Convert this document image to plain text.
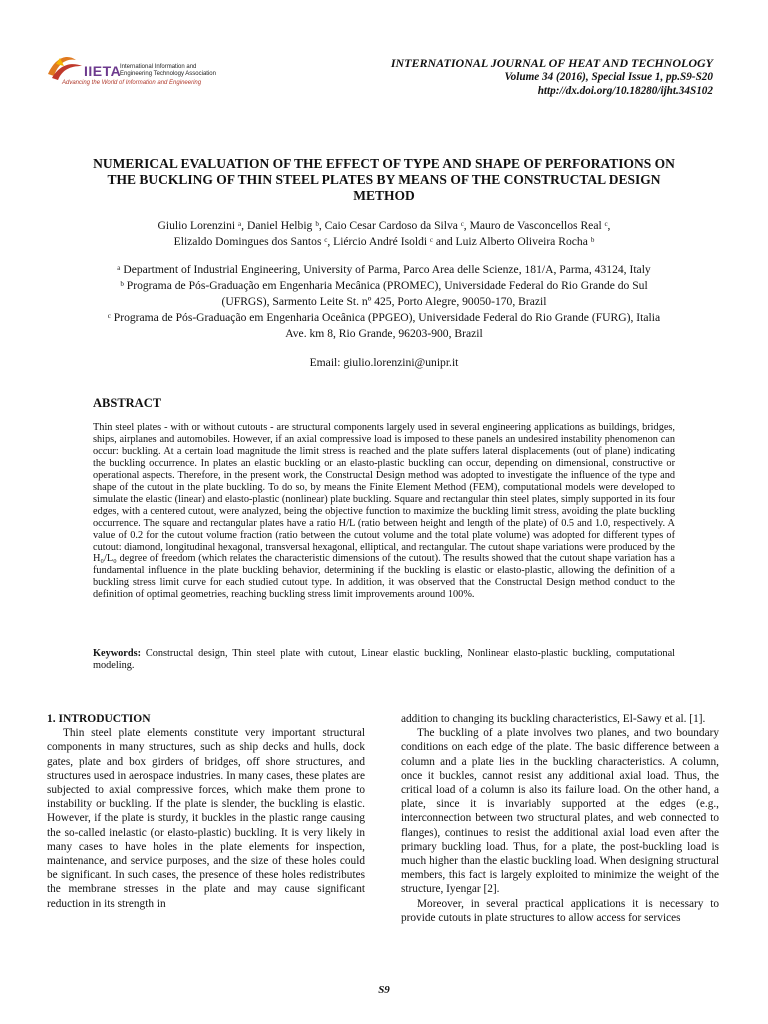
IIETA
International Information and
Engineering Technology Association
Advancing the World of Information and Engineering
INTERNATIONAL JOURNAL OF HEAT AND TECHNOLOGY
Volume 34 (2016), Special Issue 1, pp.S9-S20
http://dx.doi.org/10.18280/ijht.34S102
NUMERICAL EVALUATION OF THE EFFECT OF TYPE AND SHAPE OF PERFORATIONS ON THE BUCKLING OF THIN STEEL PLATES BY MEANS OF THE CONSTRUCTAL DESIGN METHOD
Giulio Lorenzini ᵃ, Daniel Helbig ᵇ, Caio Cesar Cardoso da Silva ᶜ, Mauro de Vasconcellos Real ᶜ,
Elizaldo Domingues dos Santos ᶜ, Liércio André Isoldi ᶜ and Luiz Alberto Oliveira Rocha ᵇ
ᵃ Department of Industrial Engineering, University of Parma, Parco Area delle Scienze, 181/A, Parma, 43124, Italy
ᵇ Programa de Pós-Graduação em Engenharia Mecânica (PROMEC), Universidade Federal do Rio Grande do Sul (UFRGS), Sarmento Leite St. nº 425, Porto Alegre, 90050-170, Brazil
ᶜ Programa de Pós-Graduação em Engenharia Oceânica (PPGEO), Universidade Federal do Rio Grande (FURG), Italia Ave. km 8, Rio Grande, 96203-900, Brazil
Email: giulio.lorenzini@unipr.it
ABSTRACT
Thin steel plates - with or without cutouts - are structural components largely used in several engineering applications as buildings, bridges, ships, airplanes and automobiles. However, if an axial compressive load is imposed to these panels an undesired instability phenomenon can occur: buckling. At a certain load magnitude the limit stress is reached and the plate suffers lateral displacements (out of plane) indicating the buckling occurrence. In plates an elastic buckling or an elasto-plastic buckling can occur, depending on dimensional, constructive or operational aspects. Therefore, in the present work, the Constructal Design method was adopted to investigate the influence of the type and shape of the cutout in the plate buckling. To do so, by means the Finite Element Method (FEM), computational models were developed to simulate the elastic (linear) and elasto-plastic (nonlinear) plate buckling. Square and rectangular thin steel plates, simply supported in its four edges, with a centered cutout, were analyzed, being the objective function to maximize the buckling limit stress, avoiding the plate buckling occurrence. The square and rectangular plates have a ratio H/L (ratio between height and length of the plate) of 0.5 and 1.0, respectively. A value of 0.2 for the cutout volume fraction (ratio between the cutout volume and the total plate volume) was adopted for different types of cutout: diamond, longitudinal hexagonal, transversal hexagonal, elliptical, and rectangular. The cutout shape variations were produced by the H₀/L₀ degree of freedom (which relates the characteristic dimensions of the cutout). The results showed that the cutout shape variation has a fundamental influence in the plate buckling behavior, determining if the buckling is elastic or elasto-plastic, allowing the definition of a buckling stress limit curve for each studied cutout type. In addition, it was observed that the Constructal Design method conduct to the definition of optimal geometries, reaching buckling stress limit improvements around 100%.
Keywords: Constructal design, Thin steel plate with cutout, Linear elastic buckling, Nonlinear elasto-plastic buckling, computational modeling.

1. INTRODUCTION

Thin steel plate elements constitute very important structural components in many structures, such as ship decks and hulls, dock gates, plate and box girders of bridges, off shore structures, and structures used in aerospace industries. In many cases, these plates are subjected to axial compressive forces, which make them prone to instability or buckling. If the plate is slender, the buckling is elastic. However, if the plate is sturdy, it buckles in the plastic range causing the so-called inelastic (or elasto-plastic) buckling. It is very likely in many cases to have holes in the plate elements for inspection, maintenance, and service purposes, and the size of these holes could be significant. In such cases, the presence of these holes redistributes the membrane stresses in the plate and may cause significant reduction in its strength in

addition to changing its buckling characteristics, El-Sawy et al. [1].

The buckling of a plate involves two planes, and two boundary conditions on each edge of the plate. The basic difference between a column and a plate lies in the buckling characteristics. A column, once it buckles, cannot resist any additional axial load. Thus, the critical load of a column is also its failure load. On the other hand, a plate, since it is invariably supported at the edges (e.g., interconnection between two structural plates, and web connected to flanges), continues to resist the additional axial load even after the primary buckling load. Thus, for a plate, the post-buckling load is much higher than the elastic buckling load. When designing structural members, this fact is largely exploited to minimize the weight of the structure, Iyengar [2].

Moreover, in several practical applications it is necessary to provide cutouts in plate structures to allow access for services

S9
